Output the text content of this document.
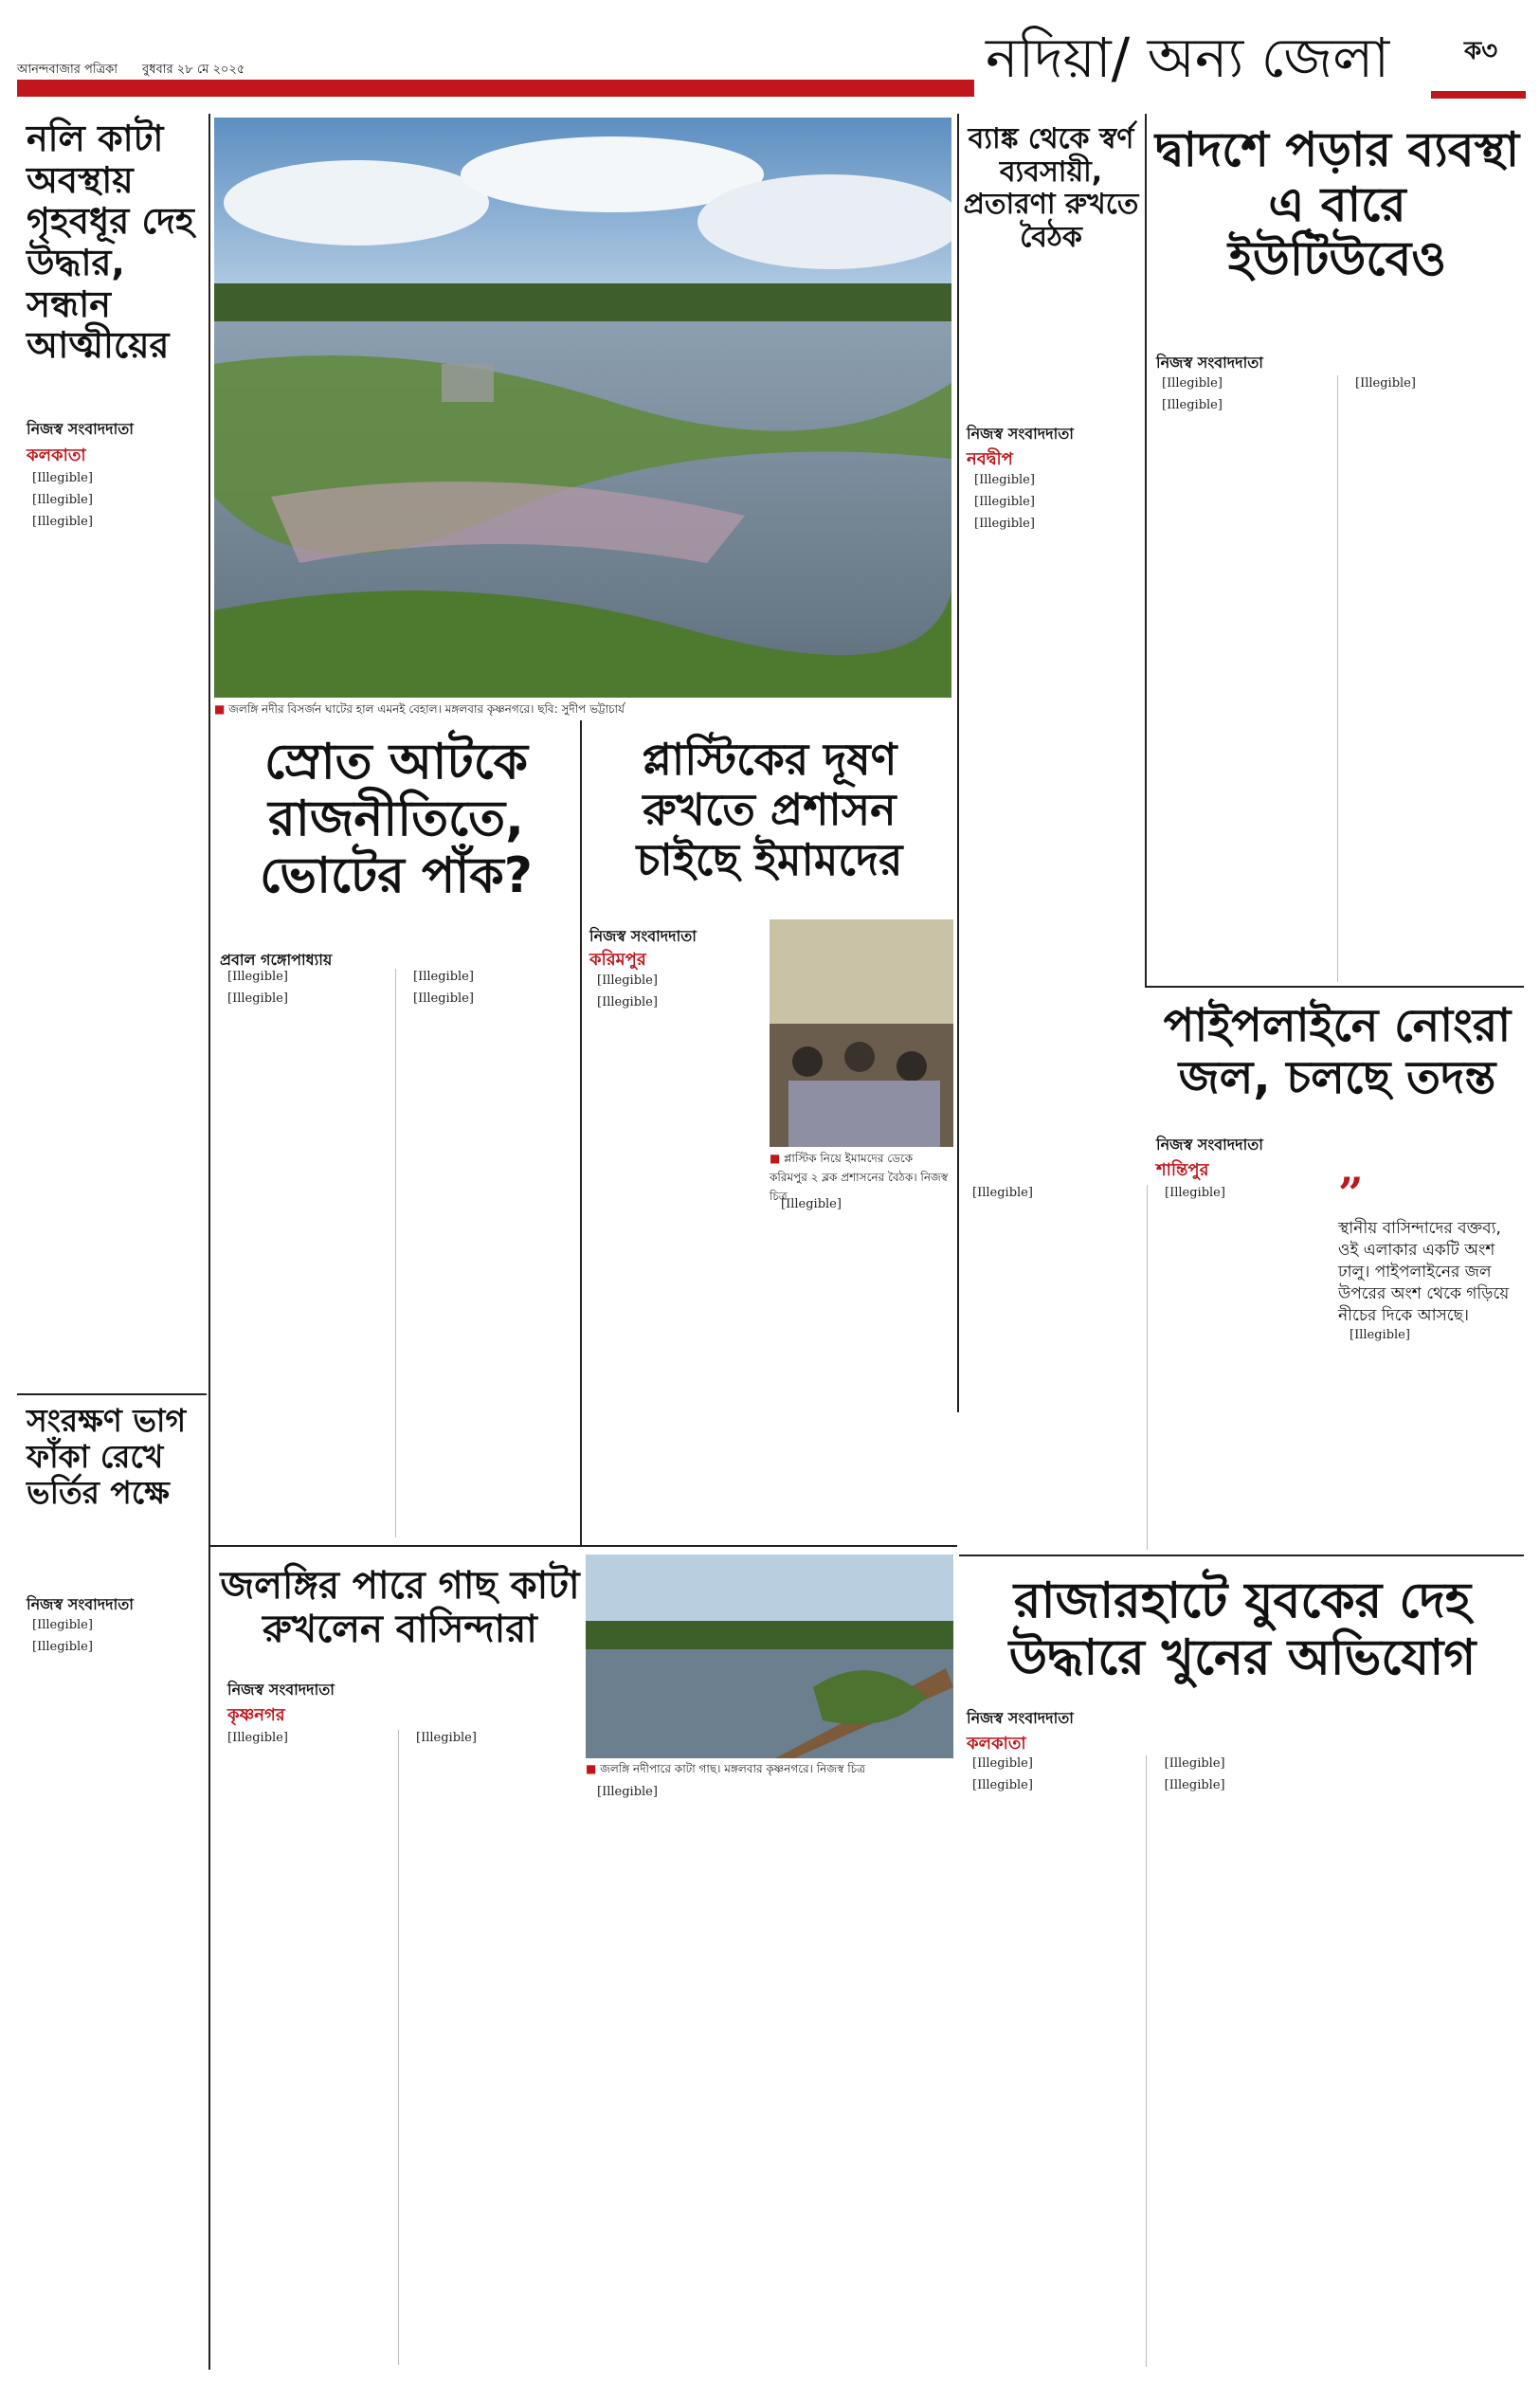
আনন্দবাজার পত্রিকা বুধবার ২৮ মে ২০২৫	নদিয়া/ অন্য জেলা	ক৩
নলি কাটা অবস্থায় গৃহবধূর দেহ উদ্ধার, সন্ধান আত্মীয়ের
নিজস্ব সংবাদদাতা
কলকাতা

[Illegible]

[Illegible]

[Illegible]

সংরক্ষণ ভাগ ফাঁকা রেখে ভর্তির পক্ষে
নিজস্ব সংবাদদাতা

[Illegible]

[Illegible]

■ জলঙ্গি নদীর বিসর্জন ঘাটের হাল এমনই বেহাল। মঙ্গলবার কৃষ্ণনগরে। ছবি: সুদীপ ভট্টাচার্য
স্রোত আটকে রাজনীতিতে, ভোটের পাঁক?
প্রবাল গঙ্গোপাধ্যায়

[Illegible]

[Illegible]

[Illegible]

[Illegible]

প্লাস্টিকের দূষণ রুখতে প্রশাসন চাইছে ইমামদের
নিজস্ব সংবাদদাতা
করিমপুর
■ প্লাস্টিক নিয়ে ইমামদের ডেকে করিমপুর ২ ব্লক প্রশাসনের বৈঠক। নিজস্ব চিত্র

[Illegible]

[Illegible]

[Illegible]

ব্যাঙ্ক থেকে স্বর্ণ ব্যবসায়ী, প্রতারণা রুখতে বৈঠক
নিজস্ব সংবাদদাতা
নবদ্বীপ

[Illegible]

[Illegible]

[Illegible]

দ্বাদশে পড়ার ব্যবস্থা এ বারে ইউটিউবেও
নিজস্ব সংবাদদাতা

[Illegible]

[Illegible]

[Illegible]

পাইপলাইনে নোংরা জল, চলছে তদন্ত
নিজস্ব সংবাদদাতা
শান্তিপুর	”
স্থানীয় বাসিন্দাদের বক্তব্য, ওই এলাকার একটি অংশ ঢালু। পাইপলাইনের জল উপরের অংশ থেকে গড়িয়ে নীচের দিকে আসছে।

[Illegible]	[Illegible]

[Illegible]

জলঙ্গির পারে গাছ কাটা রুখলেন বাসিন্দারা
নিজস্ব সংবাদদাতা
কৃষ্ণনগর
■ জলঙ্গি নদীপারে কাটা গাছ। মঙ্গলবার কৃষ্ণনগরে। নিজস্ব চিত্র

[Illegible]	[Illegible]

[Illegible]

রাজারহাটে যুবকের দেহ উদ্ধারে খুনের অভিযোগ
নিজস্ব সংবাদদাতা
কলকাতা

[Illegible]

[Illegible]

[Illegible]

[Illegible]
